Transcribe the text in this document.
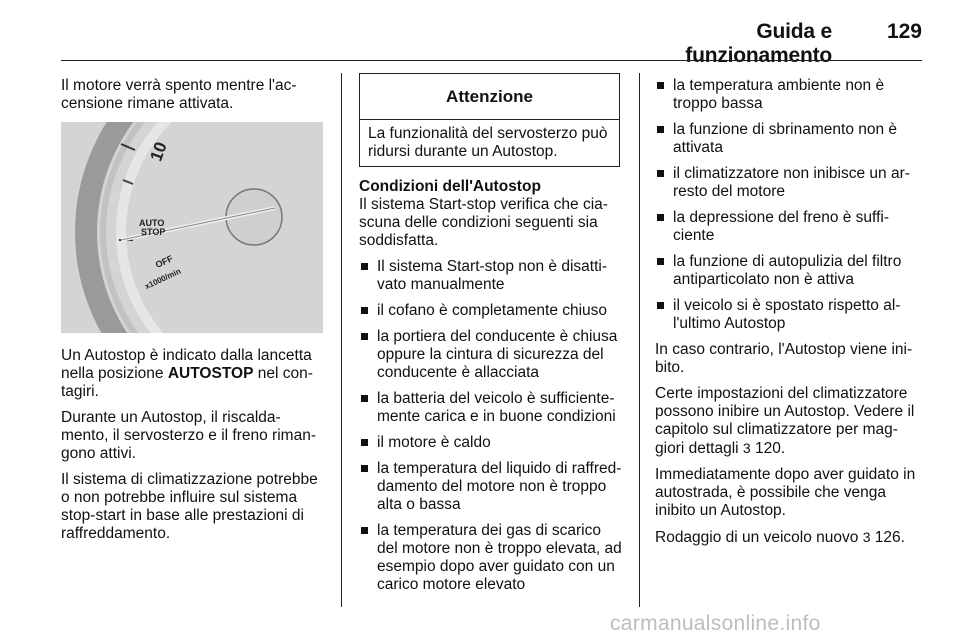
Guida e funzionamento
129

Il motore verrà spento mentre l'ac-censione rimane attivata.

10
AUTO
STOP
OFF
x1000/min

Un Autostop è indicato dalla lancetta nella posizione AUTOSTOP nel con-tagiri.

Durante un Autostop, il riscalda-mento, il servosterzo e il freno riman-gono attivi.

Il sistema di climatizzazione potrebbe o non potrebbe influire sul sistema stop-start in base alle prestazioni di raffreddamento.

Attenzione
La funzionalità del servosterzo può ridursi durante un Autostop.
Condizioni dell'Autostop

Il sistema Start-stop verifica che cia-scuna delle condizioni seguenti sia soddisfatta.

Il sistema Start-stop non è disatti-vato manualmente
il cofano è completamente chiuso
la portiera del conducente è chiusa oppure la cintura di sicurezza del conducente è allacciata
la batteria del veicolo è sufficiente-mente carica e in buone condizioni
il motore è caldo
la temperatura del liquido di raffred-damento del motore non è troppo alta o bassa
la temperatura dei gas di scarico del motore non è troppo elevata, ad esempio dopo aver guidato con un carico motore elevato
la temperatura ambiente non è troppo bassa
la funzione di sbrinamento non è attivata
il climatizzatore non inibisce un ar-resto del motore
la depressione del freno è suffi-ciente
la funzione di autopulizia del filtro antiparticolato non è attiva
il veicolo si è spostato rispetto al-l'ultimo Autostop

In caso contrario, l'Autostop viene ini-bito.

Certe impostazioni del climatizzatore possono inibire un Autostop. Vedere il capitolo sul climatizzatore per mag-giori dettagli 3 120.

Immediatamente dopo aver guidato in autostrada, è possibile che venga inibito un Autostop.

Rodaggio di un veicolo nuovo 3 126.

carmanualsonline.info
